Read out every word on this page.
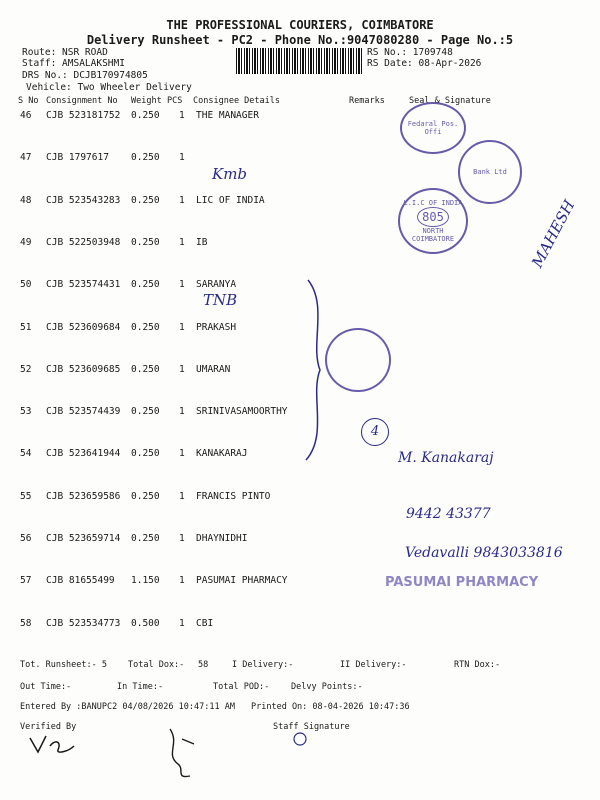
THE PROFESSIONAL COURIERS, COIMBATORE
Delivery Runsheet - PC2 - Phone No.:9047080280 - Page No.:5
Route: NSR ROAD
Staff: AMSALAKSHMI
DRS No.: DCJB170974805
Vehicle: Two Wheeler Delivery
RS No.: 1709748
RS Date: 08-Apr-2026
S No Consignment No Weight PCS Consignee Details	Remarks	Seal & Signature
46 CJB 523181752 0.250 1 THE MANAGER
47 CJB 1797617 0.250 1
48 CJB 523543283 0.250 1 LIC OF INDIA
49 CJB 522503948 0.250 1 IB
50 CJB 523574431 0.250 1 SARANYA
51 CJB 523609684 0.250 1 PRAKASH
52 CJB 523609685 0.250 1 UMARAN
53 CJB 523574439 0.250 1 SRINIVASAMOORTHY
54 CJB 523641944 0.250 1 KANAKARAJ
55 CJB 523659586 0.250 1 FRANCIS PINTO
56 CJB 523659714 0.250 1 DHAYNIDHI
57 CJB 81655499 1.150 1 PASUMAI PHARMACY
58 CJB 523534773 0.500 1 CBI
Kmb
TNB
MAHESH
M. Kanakaraj
9442 43377
Vedavalli 9843033816
4
Fedaral Pos. Offi
Bank Ltd
L.I.C OF INDIA
805
NORTH COIMBATORE
PASUMAI PHARMACY
Tot. Runsheet:- 5 Total Dox:- 58	I Delivery:-	II Delivery:-	RTN Dox:-
Out Time:-	In Time:-	Total POD:-	Delvy Points:-
Entered By :BANUPC2 04/08/2026 10:47:11 AM Printed On: 08-04-2026 10:47:36
Verified By	Staff Signature
